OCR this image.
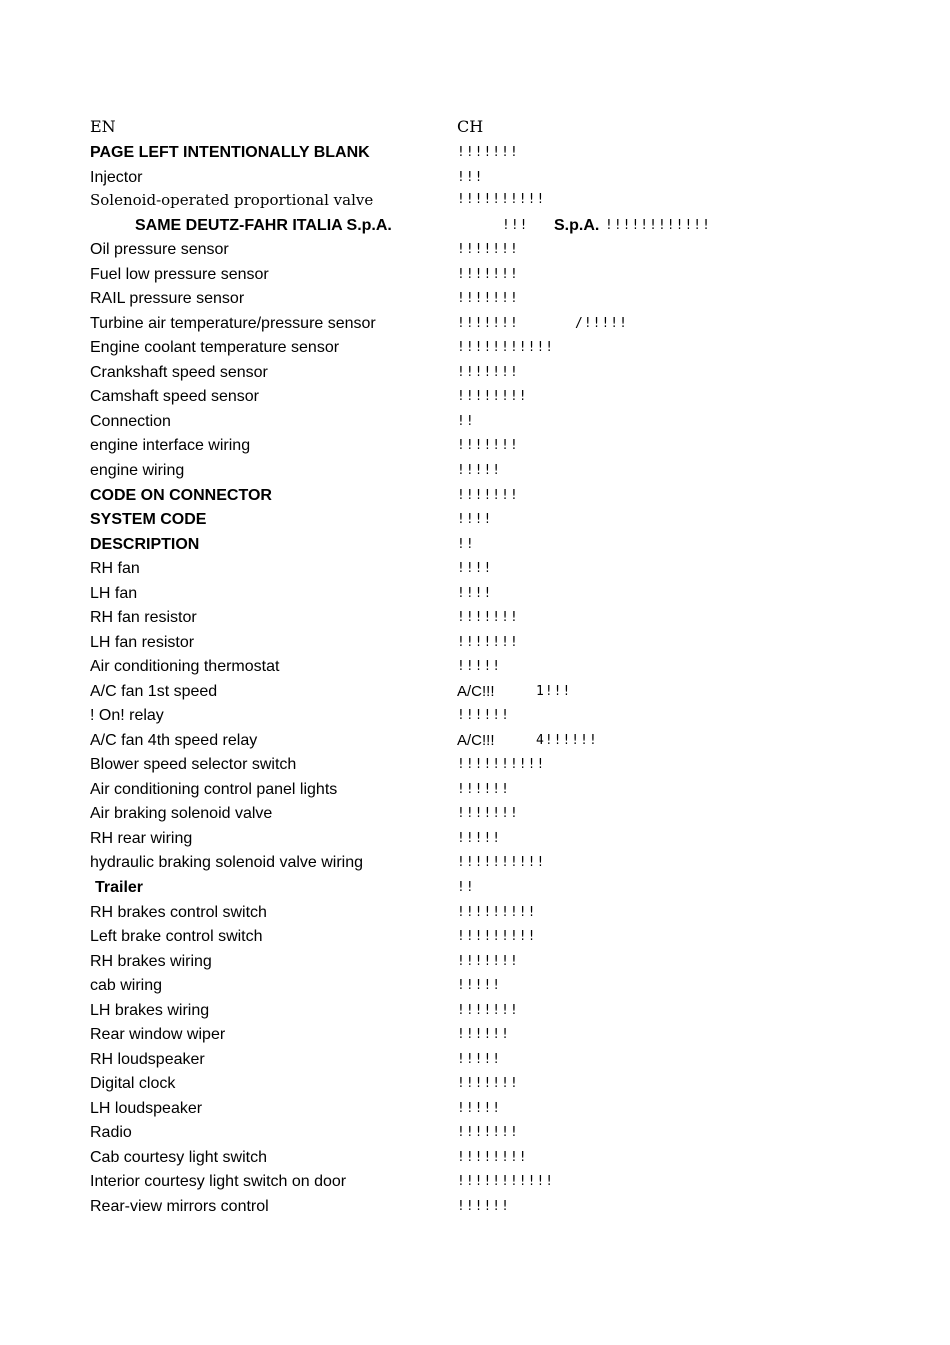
EN	CH
PAGE LEFT INTENTIONALLY BLANK	ǃǃǃǃǃǃǃ
Injector	ǃǃǃ
Solenoid-operated proportional valve	ǃǃǃǃǃǃǃǃǃǃ
SAME DEUTZ-FAHR ITALIA S.p.A.	ǃǃǃ S.p.A. ǃǃǃǃǃǃǃǃǃǃǃǃ
Oil pressure sensor	ǃǃǃǃǃǃǃ
Fuel low pressure sensor	ǃǃǃǃǃǃǃ
RAIL pressure sensor	ǃǃǃǃǃǃǃ
Turbine air temperature/pressure sensor	ǃǃǃǃǃǃǃ	/ǃǃǃǃǃ
Engine coolant temperature sensor	ǃǃǃǃǃǃǃǃǃǃǃ
Crankshaft speed sensor	ǃǃǃǃǃǃǃ
Camshaft speed sensor	ǃǃǃǃǃǃǃǃ
Connection	ǃǃ
engine interface wiring	ǃǃǃǃǃǃǃ
engine wiring	ǃǃǃǃǃ
CODE ON CONNECTOR	ǃǃǃǃǃǃǃ
SYSTEM CODE	ǃǃǃǃ
DESCRIPTION	ǃǃ
RH fan	ǃǃǃǃ
LH fan	ǃǃǃǃ
RH fan resistor	ǃǃǃǃǃǃǃ
LH fan resistor	ǃǃǃǃǃǃǃ
Air conditioning thermostat	ǃǃǃǃǃ
A/C fan 1st speed	A/Cǃǃǃ	1ǃǃǃ
ǃ Onǃ relay	ǃǃǃǃǃǃ
A/C fan 4th speed relay	A/Cǃǃǃ	4ǃǃǃǃǃǃ
Blower speed selector switch	ǃǃǃǃǃǃǃǃǃǃ
Air conditioning control panel lights	ǃǃǃǃǃǃ
Air braking solenoid valve	ǃǃǃǃǃǃǃ
RH rear wiring	ǃǃǃǃǃ
hydraulic braking solenoid valve wiring	ǃǃǃǃǃǃǃǃǃǃ
Trailer	ǃǃ
RH brakes control switch	ǃǃǃǃǃǃǃǃǃ
Left brake control switch	ǃǃǃǃǃǃǃǃǃ
RH brakes wiring	ǃǃǃǃǃǃǃ
cab wiring	ǃǃǃǃǃ
LH brakes wiring	ǃǃǃǃǃǃǃ
Rear window wiper	ǃǃǃǃǃǃ
RH loudspeaker	ǃǃǃǃǃ
Digital clock	ǃǃǃǃǃǃǃ
LH loudspeaker	ǃǃǃǃǃ
Radio	ǃǃǃǃǃǃǃ
Cab courtesy light switch	ǃǃǃǃǃǃǃǃ
Interior courtesy light switch on door	ǃǃǃǃǃǃǃǃǃǃǃ
Rear-view mirrors control	ǃǃǃǃǃǃ
